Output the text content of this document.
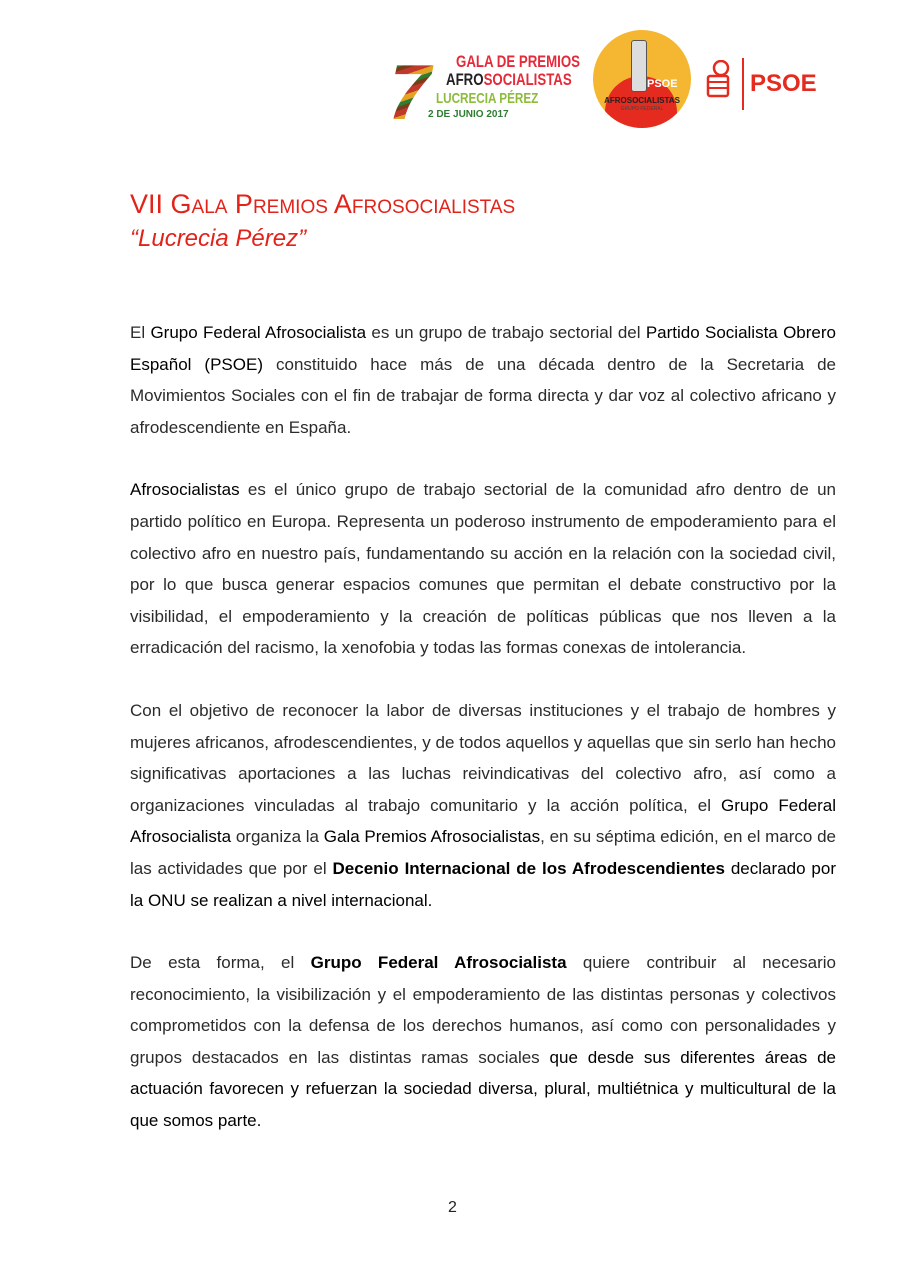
7 GALA DE PREMIOS
AFROSOCIALISTAS
LUCRECIA PÉREZ
2 DE JUNIO 2017
PSOE
AFROSOCIALISTAS
GRUPO FEDERAL
PSOE
VII Gala Premios Afrosocialistas
“Lucrecia Pérez”

El Grupo Federal Afrosocialista es un grupo de trabajo sectorial del Partido Socialista Obrero Español (PSOE) constituido hace más de una década dentro de la Secretaria de Movimientos Sociales con el fin de trabajar de forma directa y dar voz al colectivo africano y afrodescendiente en España.

Afrosocialistas es el único grupo de trabajo sectorial de la comunidad afro dentro de un partido político en Europa. Representa un poderoso instrumento de empoderamiento para el colectivo afro en nuestro país, fundamentando su acción en la relación con la sociedad civil, por lo que busca generar espacios comunes que permitan el debate constructivo por la visibilidad, el empoderamiento y la creación de políticas públicas que nos lleven a la erradicación del racismo, la xenofobia y todas las formas conexas de intolerancia.

Con el objetivo de reconocer la labor de diversas instituciones y el trabajo de hombres y mujeres africanos, afrodescendientes, y de todos aquellos y aquellas que sin serlo han hecho significativas aportaciones a las luchas reivindicativas del colectivo afro, así como a organizaciones vinculadas al trabajo comunitario y la acción política, el Grupo Federal Afrosocialista organiza la Gala Premios Afrosocialistas, en su séptima edición, en el marco de las actividades que por el Decenio Internacional de los Afrodescendientes declarado por la ONU se realizan a nivel internacional.

De esta forma, el Grupo Federal Afrosocialista quiere contribuir al necesario reconocimiento, la visibilización y el empoderamiento de las distintas personas y colectivos comprometidos con la defensa de los derechos humanos, así como con personalidades y grupos destacados en las distintas ramas sociales que desde sus diferentes áreas de actuación favorecen y refuerzan la sociedad diversa, plural, multiétnica y multicultural de la que somos parte.

2
